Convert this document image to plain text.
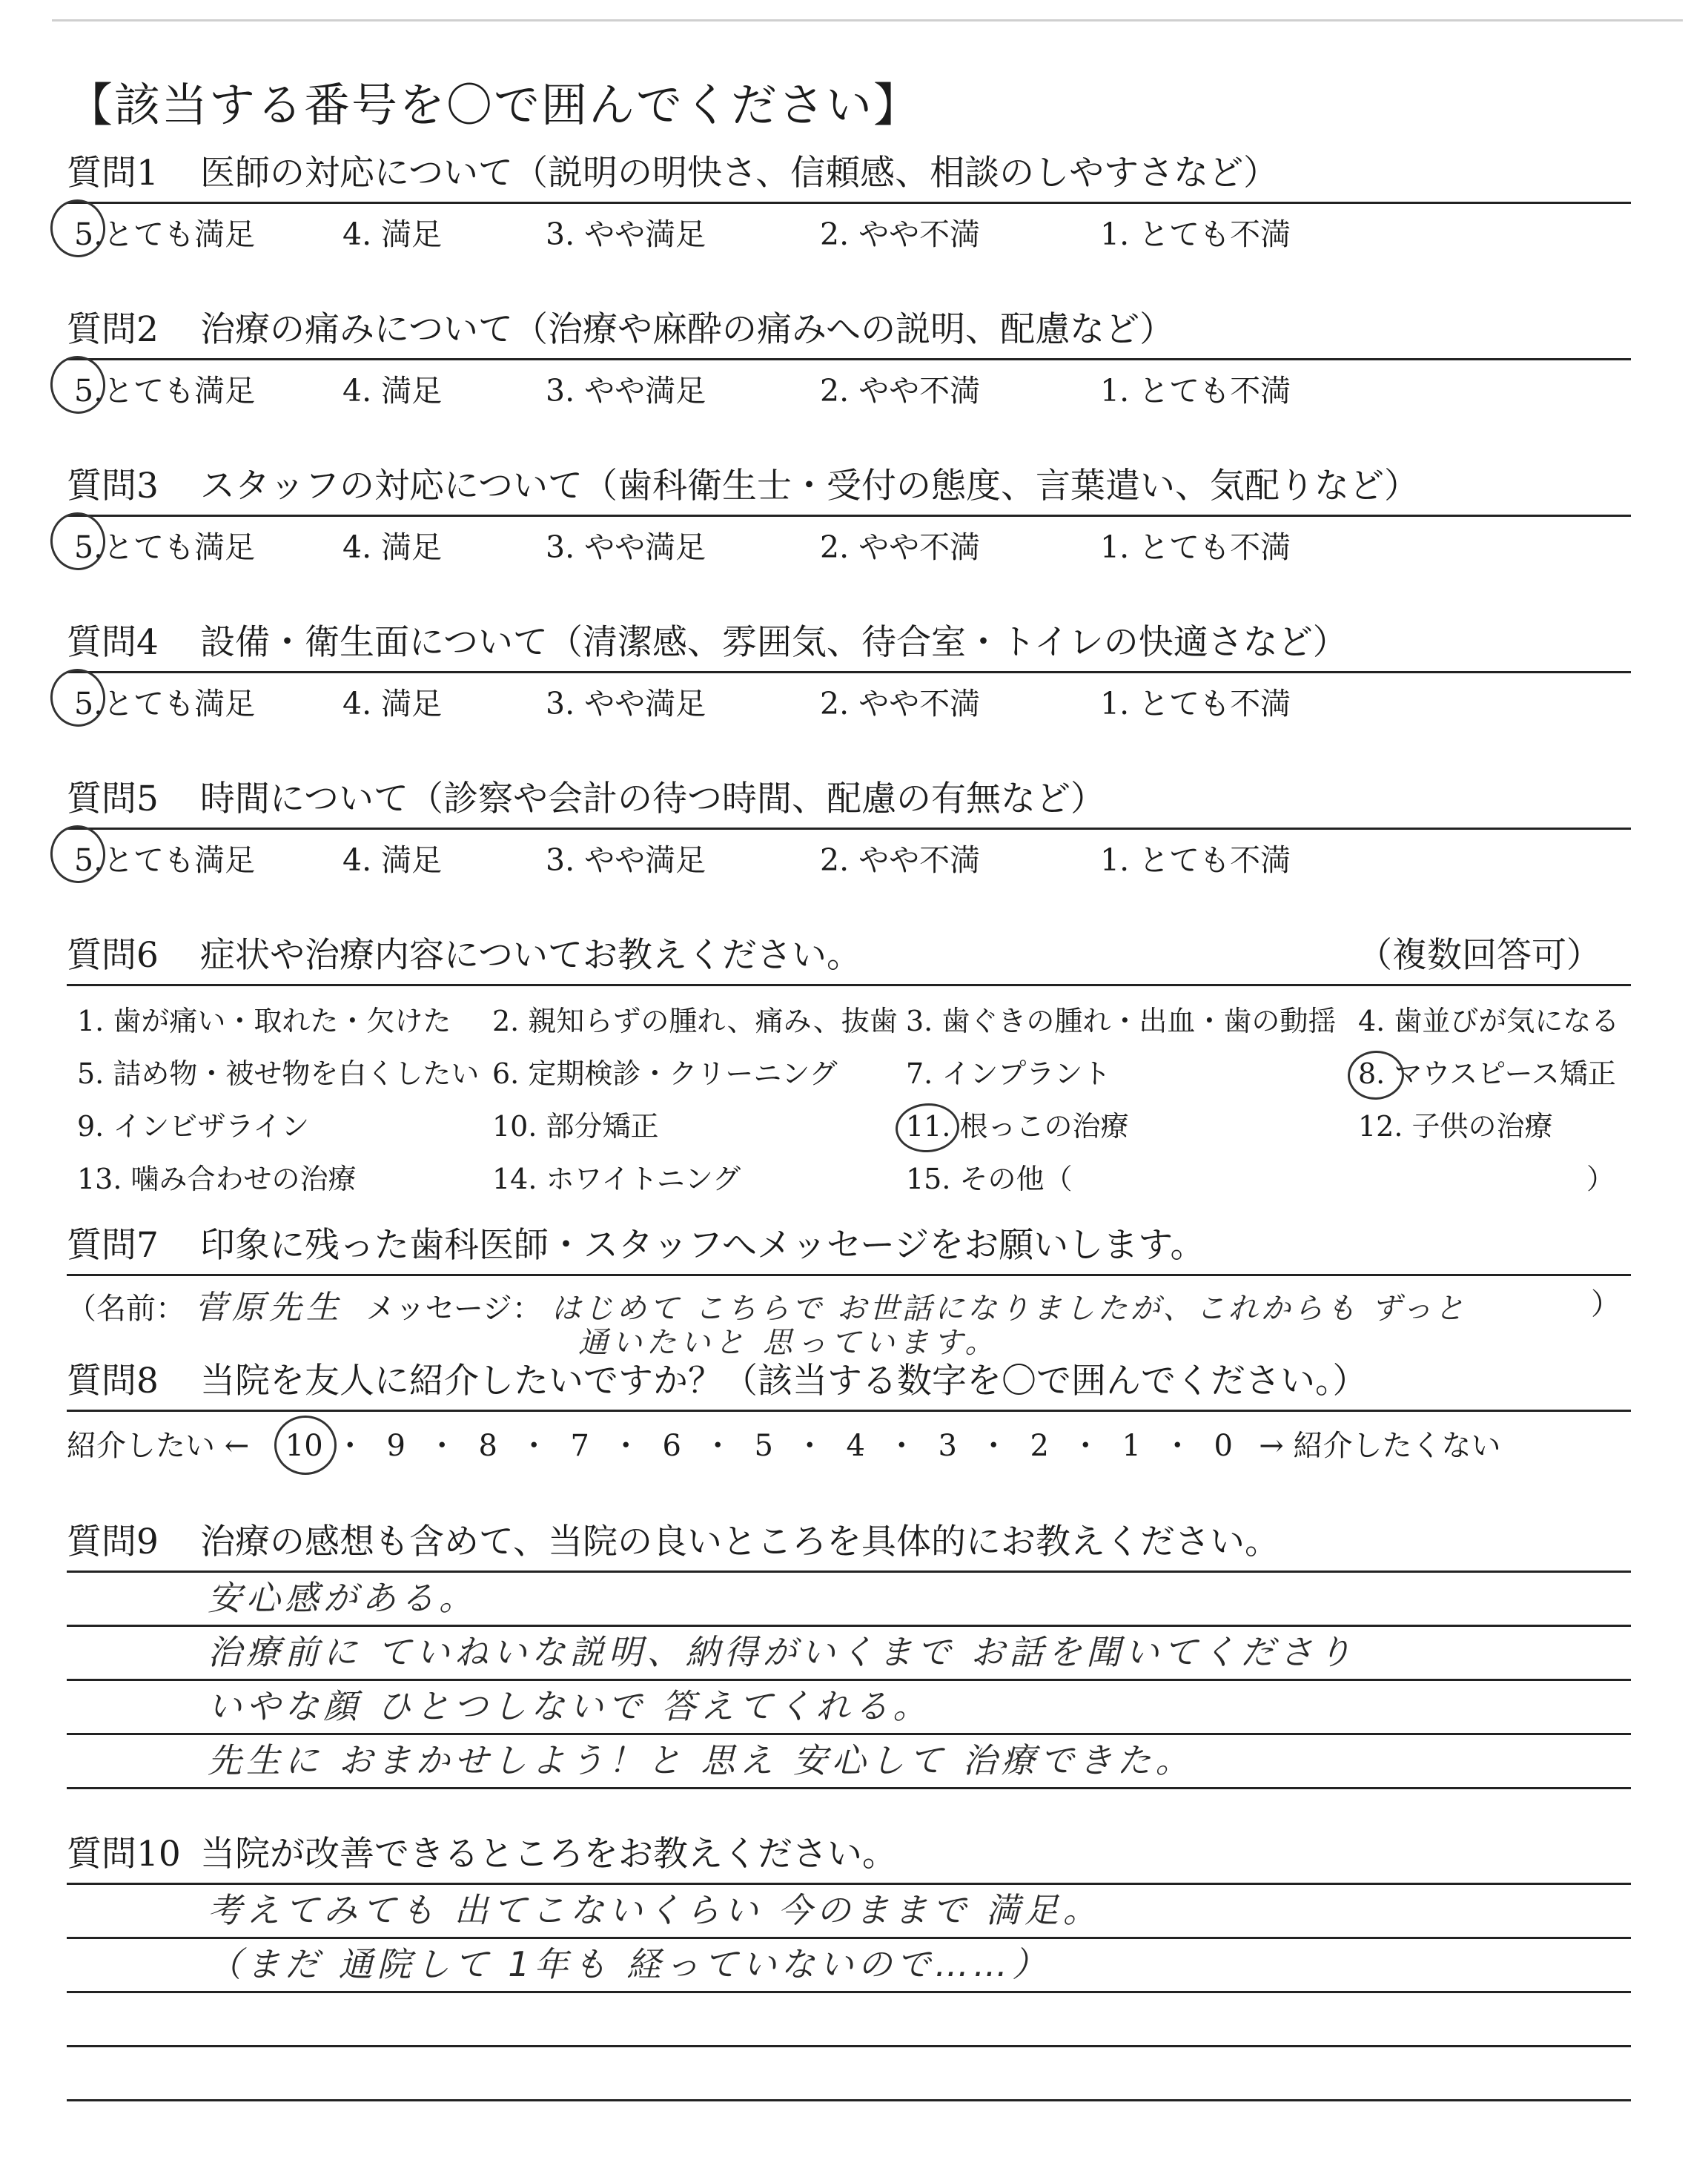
【該当する番号を〇で囲んでください】
質問1	医師の対応について（説明の明快さ、信頼感、相談のしやすさなど）
5.とても満足	4. 満足	3. やや満足	2. やや不満	1. とても不満
質問2	治療の痛みについて（治療や麻酔の痛みへの説明、配慮など）
5.とても満足	4. 満足	3. やや満足	2. やや不満	1. とても不満
質問3	スタッフの対応について（歯科衛生士・受付の態度、言葉遣い、気配りなど）
5.とても満足	4. 満足	3. やや満足	2. やや不満	1. とても不満
質問4	設備・衛生面について（清潔感、雰囲気、待合室・トイレの快適さなど）
5.とても満足	4. 満足	3. やや満足	2. やや不満	1. とても不満
質問5	時間について（診察や会計の待つ時間、配慮の有無など）
5.とても満足	4. 満足	3. やや満足	2. やや不満	1. とても不満
質問6	症状や治療内容についてお教えください。	（複数回答可）
1. 歯が痛い・取れた・欠けた	2. 親知らずの腫れ、痛み、抜歯 3. 歯ぐきの腫れ・出血・歯の動揺 4. 歯並びが気になる
5. 詰め物・被せ物を白くしたい 6. 定期検診・クリーニング	7. インプラント	8. マウスピース矯正
9. インビザライン	10. 部分矯正	11. 根っこの治療	12. 子供の治療
13. 噛み合わせの治療	14. ホワイトニング	15. その他（	）
質問7	印象に残った歯科医師・スタッフへメッセージをお願いします。
（名前： 菅原先生 メッセージ： はじめて こちらで お世話になりましたが、これからも ずっと	）
通いたいと 思っています。
質問8	当院を友人に紹介したいですか？（該当する数字を〇で囲んでください。）
紹介したい ←	10 ・ 9 ・ 8 ・ 7 ・ 6 ・ 5 ・ 4 ・ 3 ・ 2 ・ 1 ・ 0 → 紹介したくない
質問9	治療の感想も含めて、当院の良いところを具体的にお教えください。
安心感がある。
治療前に ていねいな説明、納得がいくまで お話を聞いてくださり
いやな顔 ひとつしないで 答えてくれる。
先生に おまかせしよう！と 思え 安心して 治療できた。
質問10 当院が改善できるところをお教えください。
考えてみても 出てこないくらい 今のままで 満足。
（まだ 通院して 1年も 経っていないので……）
